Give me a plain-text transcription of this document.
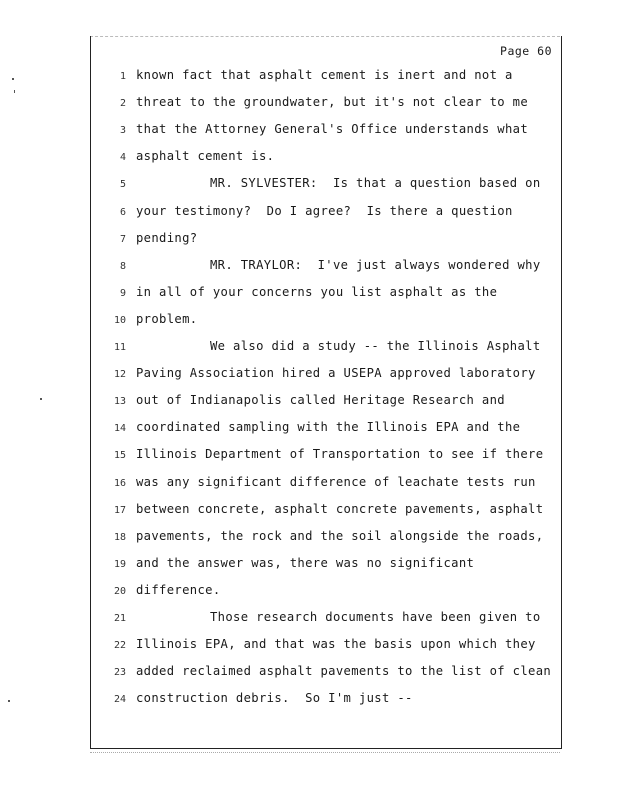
Page 60
1 known fact that asphalt cement is inert and not a
2 threat to the groundwater, but it's not clear to me
3 that the Attorney General's Office understands what
4 asphalt cement is.
5	MR. SYLVESTER:  Is that a question based on
6 your testimony?  Do I agree?  Is there a question
7 pending?
8	MR. TRAYLOR:  I've just always wondered why
9 in all of your concerns you list asphalt as the
10 problem.
11	We also did a study -- the Illinois Asphalt
12 Paving Association hired a USEPA approved laboratory
13 out of Indianapolis called Heritage Research and
14 coordinated sampling with the Illinois EPA and the
15 Illinois Department of Transportation to see if there
16 was any significant difference of leachate tests run
17 between concrete, asphalt concrete pavements, asphalt
18 pavements, the rock and the soil alongside the roads,
19 and the answer was, there was no significant
20 difference.
21	Those research documents have been given to
22 Illinois EPA, and that was the basis upon which they
23 added reclaimed asphalt pavements to the list of clean
24 construction debris.  So I'm just --
